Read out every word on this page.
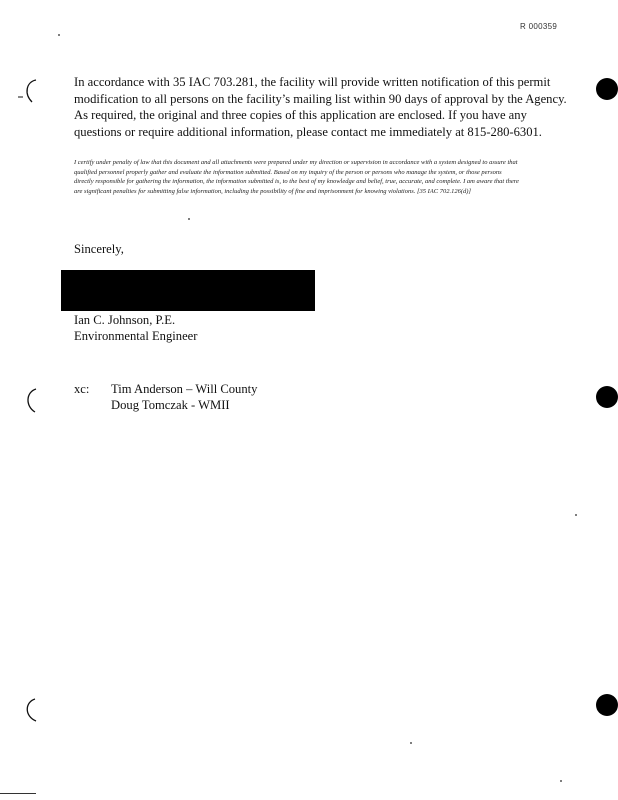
R 000359

In accordance with 35 IAC 703.281, the facility will provide written notification of this permit modification to all persons on the facility’s mailing list within 90 days of approval by the Agency. As required, the original and three copies of this application are enclosed. If you have any questions or require additional information, please contact me immediately at 815-280-6301.

I certify under penalty of law that this document and all attachments were prepared under my direction or supervision in accordance with a system designed to assure that qualified personnel properly gather and evaluate the information submitted. Based on my inquiry of the person or persons who manage the system, or those persons directly responsible for gathering the information, the information submitted is, to the best of my knowledge and belief, true, accurate, and complete. I am aware that there are significant penalties for submitting false information, including the possibility of fine and imprisonment for knowing violations. [35 IAC 702.126(d)]

Sincerely,
Ian C. Johnson, P.E.
Environmental Engineer
xc: Tim Anderson – Will County
Doug Tomczak - WMII
